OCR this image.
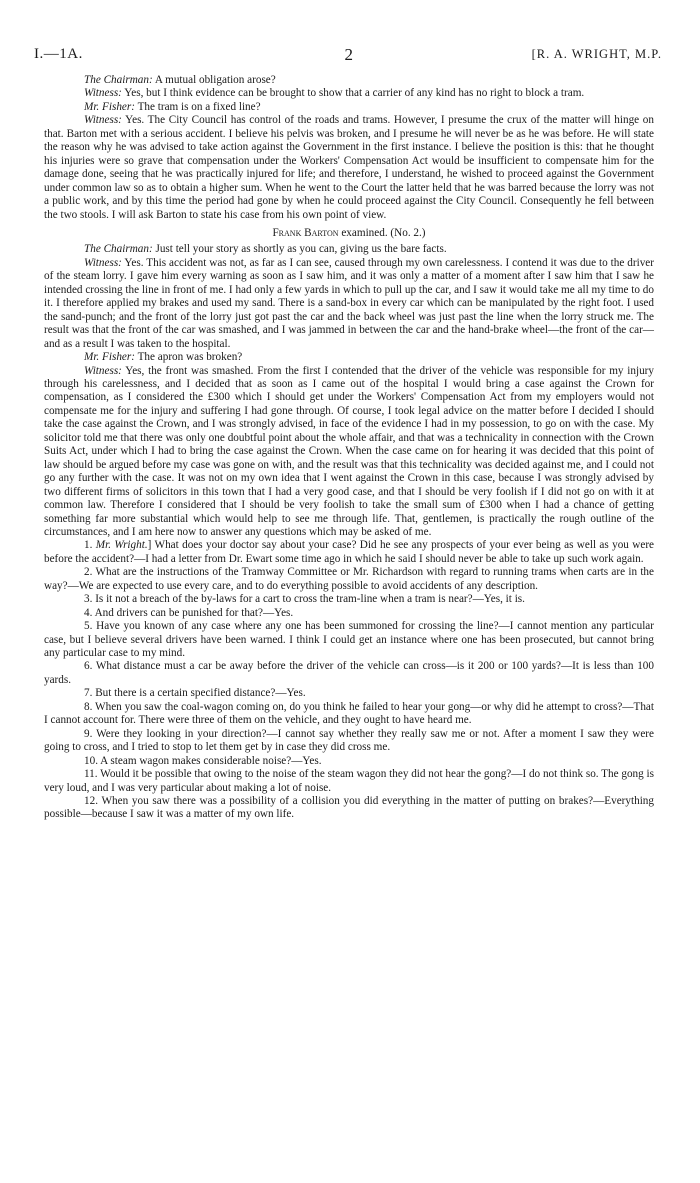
I.—1A.	2	[R. A. WRIGHT, M.P.

The Chairman: A mutual obligation arose?

Witness: Yes, but I think evidence can be brought to show that a carrier of any kind has no right to block a tram.

Mr. Fisher: The tram is on a fixed line?

Witness: Yes. The City Council has control of the roads and trams. However, I presume the crux of the matter will hinge on that. Barton met with a serious accident. I believe his pelvis was broken, and I presume he will never be as he was before. He will state the reason why he was advised to take action against the Government in the first instance. I believe the position is this: that he thought his injuries were so grave that compensation under the Workers' Compensation Act would be insufficient to compensate him for the damage done, seeing that he was practically injured for life; and therefore, I understand, he wished to proceed against the Government under common law so as to obtain a higher sum. When he went to the Court the latter held that he was barred because the lorry was not a public work, and by this time the period had gone by when he could proceed against the City Council. Consequently he fell between the two stools. I will ask Barton to state his case from his own point of view.

Frank Barton examined. (No. 2.)

The Chairman: Just tell your story as shortly as you can, giving us the bare facts.

Witness: Yes. This accident was not, as far as I can see, caused through my own carelessness. I contend it was due to the driver of the steam lorry. I gave him every warning as soon as I saw him, and it was only a matter of a moment after I saw him that I saw he intended crossing the line in front of me. I had only a few yards in which to pull up the car, and I saw it would take me all my time to do it. I therefore applied my brakes and used my sand. There is a sand-box in every car which can be manipulated by the right foot. I used the sand-punch; and the front of the lorry just got past the car and the back wheel was just past the line when the lorry struck me. The result was that the front of the car was smashed, and I was jammed in between the car and the hand-brake wheel—the front of the car—and as a result I was taken to the hospital.

Mr. Fisher: The apron was broken?

Witness: Yes, the front was smashed. From the first I contended that the driver of the vehicle was responsible for my injury through his carelessness, and I decided that as soon as I came out of the hospital I would bring a case against the Crown for compensation, as I considered the £300 which I should get under the Workers' Compensation Act from my employers would not compensate me for the injury and suffering I had gone through. Of course, I took legal advice on the matter before I decided I should take the case against the Crown, and I was strongly advised, in face of the evidence I had in my possession, to go on with the case. My solicitor told me that there was only one doubtful point about the whole affair, and that was a technicality in connection with the Crown Suits Act, under which I had to bring the case against the Crown. When the case came on for hearing it was decided that this point of law should be argued before my case was gone on with, and the result was that this technicality was decided against me, and I could not go any further with the case. It was not on my own idea that I went against the Crown in this case, because I was strongly advised by two different firms of solicitors in this town that I had a very good case, and that I should be very foolish if I did not go on with it at common law. Therefore I considered that I should be very foolish to take the small sum of £300 when I had a chance of getting something far more substantial which would help to see me through life. That, gentlemen, is practically the rough outline of the circumstances, and I am here now to answer any questions which may be asked of me.

1. Mr. Wright.] What does your doctor say about your case? Did he see any prospects of your ever being as well as you were before the accident?—I had a letter from Dr. Ewart some time ago in which he said I should never be able to take up such work again.

2. What are the instructions of the Tramway Committee or Mr. Richardson with regard to running trams when carts are in the way?—We are expected to use every care, and to do everything possible to avoid accidents of any description.

3. Is it not a breach of the by-laws for a cart to cross the tram-line when a tram is near?—Yes, it is.

4. And drivers can be punished for that?—Yes.

5. Have you known of any case where any one has been summoned for crossing the line?—I cannot mention any particular case, but I believe several drivers have been warned. I think I could get an instance where one has been prosecuted, but cannot bring any particular case to my mind.

6. What distance must a car be away before the driver of the vehicle can cross—is it 200 or 100 yards?—It is less than 100 yards.

7. But there is a certain specified distance?—Yes.

8. When you saw the coal-wagon coming on, do you think he failed to hear your gong—or why did he attempt to cross?—That I cannot account for. There were three of them on the vehicle, and they ought to have heard me.

9. Were they looking in your direction?—I cannot say whether they really saw me or not. After a moment I saw they were going to cross, and I tried to stop to let them get by in case they did cross me.

10. A steam wagon makes considerable noise?—Yes.

11. Would it be possible that owing to the noise of the steam wagon they did not hear the gong?—I do not think so. The gong is very loud, and I was very particular about making a lot of noise.

12. When you saw there was a possibility of a collision you did everything in the matter of putting on brakes?—Everything possible—because I saw it was a matter of my own life.
